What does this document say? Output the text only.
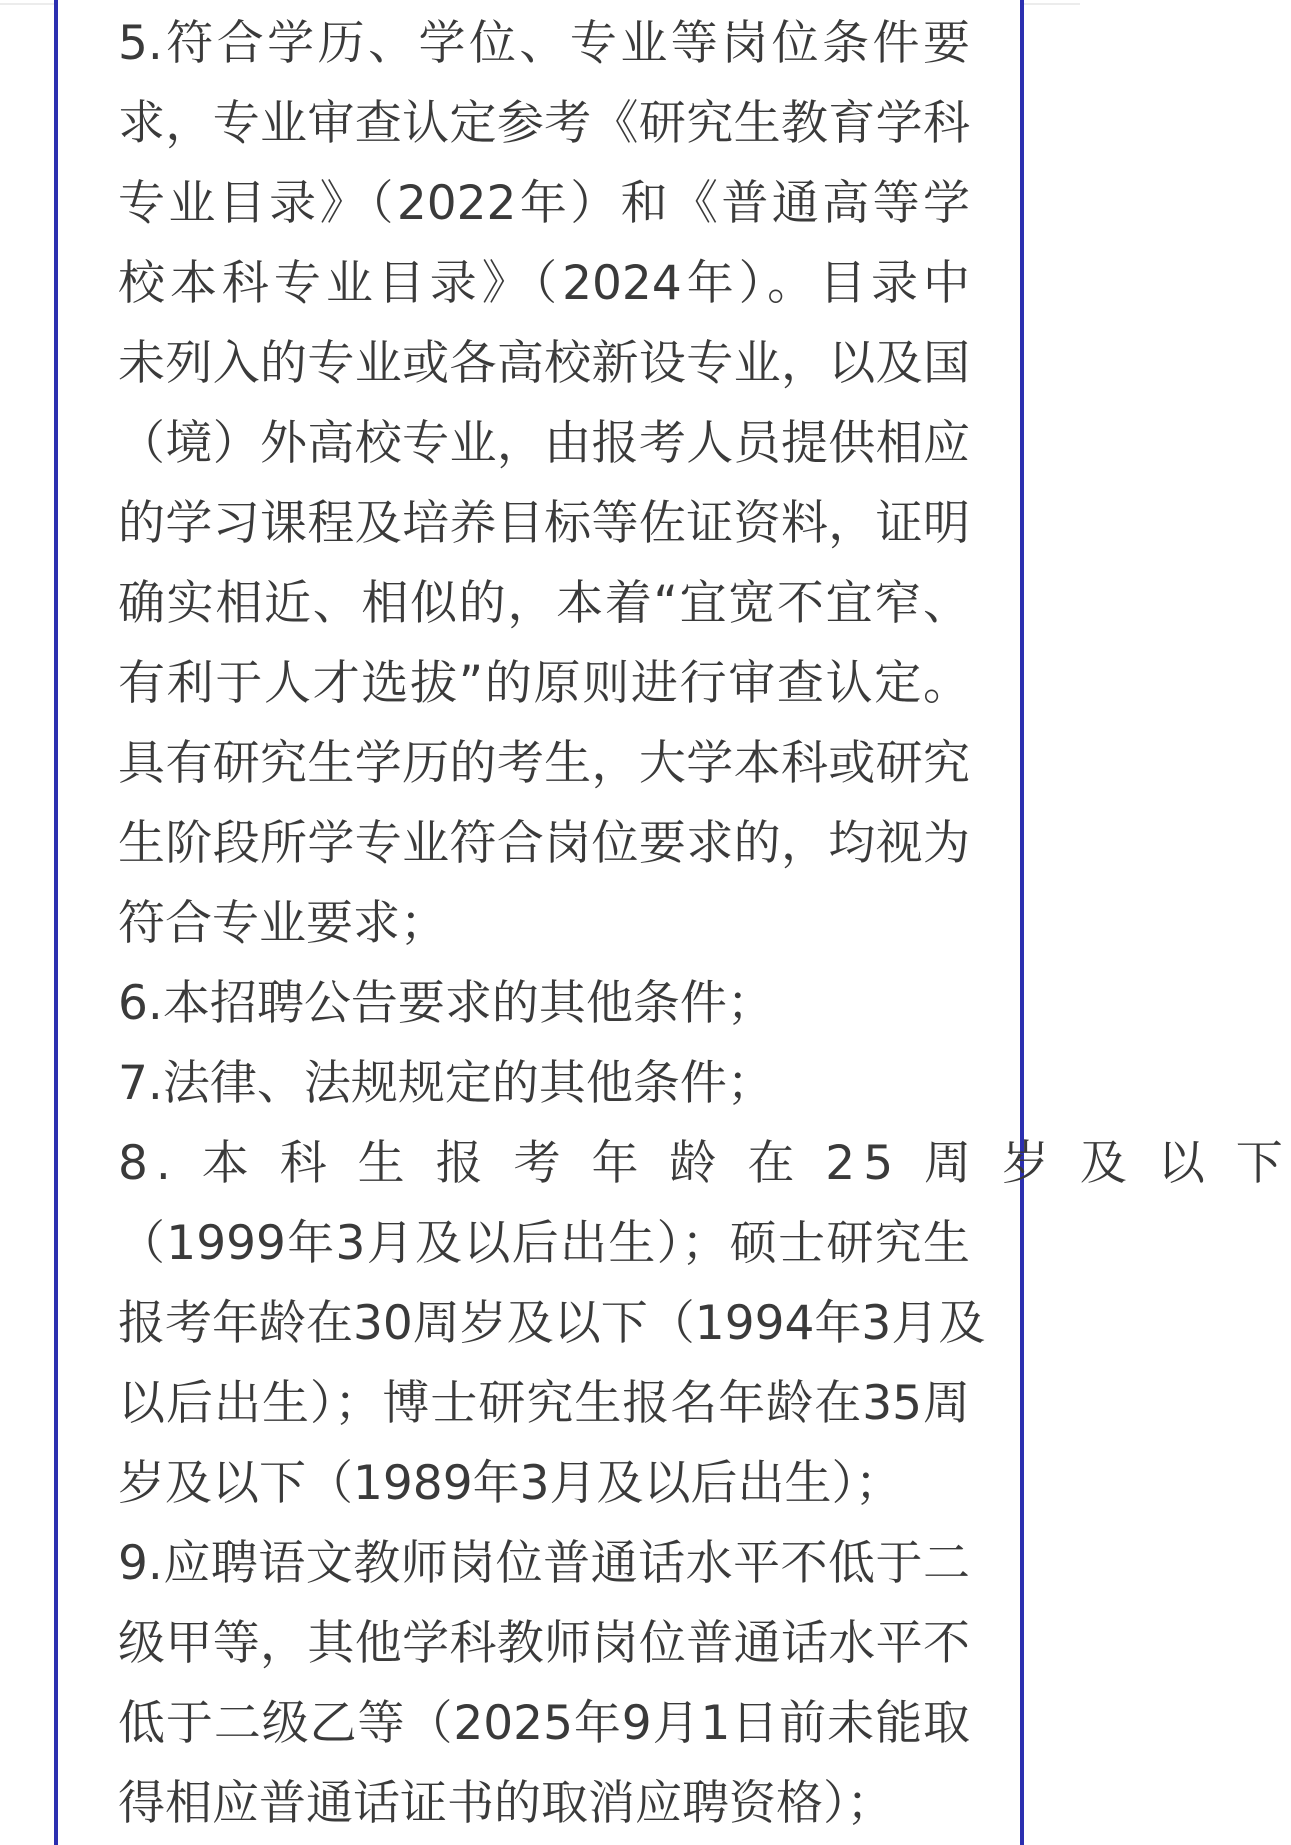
5.符合学历、学位、专业等岗位条件要
求，专业审查认定参考《研究生教育学科
专业目录》（2022年）和《普通高等学
校本科专业目录》（2024年）。目录中
未列入的专业或各高校新设专业，以及国
（境）外高校专业，由报考人员提供相应
的学习课程及培养目标等佐证资料，证明
确实相近、相似的，本着“宜宽不宜窄、
有利于人才选拔”的原则进行审查认定。
具有研究生学历的考生，大学本科或研究
生阶段所学专业符合岗位要求的，均视为
符合专业要求；
6.本招聘公告要求的其他条件；
7.法律、法规规定的其他条件；
8. 本 科 生 报 考 年 龄 在 25 周 岁 及 以 下
（1999年3月及以后出生）；硕士研究生
报考年龄在30周岁及以下（1994年3月及
以后出生）；博士研究生报名年龄在35周
岁及以下（1989年3月及以后出生）；
9.应聘语文教师岗位普通话水平不低于二
级甲等，其他学科教师岗位普通话水平不
低于二级乙等（2025年9月1日前未能取
得相应普通话证书的取消应聘资格）；
